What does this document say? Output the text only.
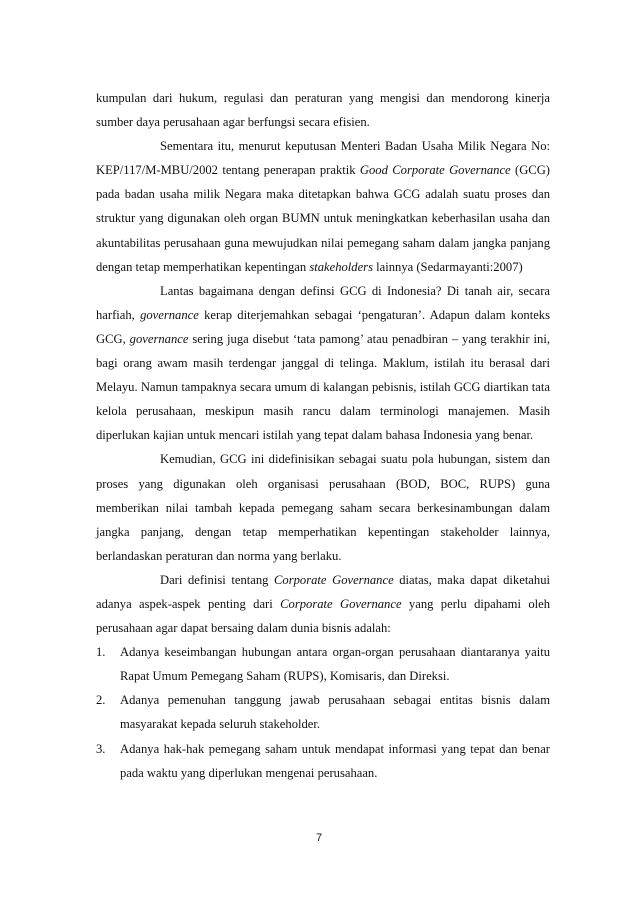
kumpulan dari hukum, regulasi dan peraturan yang mengisi dan mendorong kinerja sumber daya perusahaan agar berfungsi secara efisien.

Sementara itu, menurut keputusan Menteri Badan Usaha Milik Negara No: KEP/117/M-MBU/2002 tentang penerapan praktik Good Corporate Governance (GCG) pada badan usaha milik Negara maka ditetapkan bahwa GCG adalah suatu proses dan struktur yang digunakan oleh organ BUMN untuk meningkatkan keberhasilan usaha dan akuntabilitas perusahaan guna mewujudkan nilai pemegang saham dalam jangka panjang dengan tetap memperhatikan kepentingan stakeholders lainnya (Sedarmayanti:2007)

Lantas bagaimana dengan definsi GCG di Indonesia? Di tanah air, secara harfiah, governance kerap diterjemahkan sebagai ‘pengaturan’. Adapun dalam konteks GCG, governance sering juga disebut ‘tata pamong’ atau penadbiran – yang terakhir ini, bagi orang awam masih terdengar janggal di telinga. Maklum, istilah itu berasal dari Melayu. Namun tampaknya secara umum di kalangan pebisnis, istilah GCG diartikan tata kelola perusahaan, meskipun masih rancu dalam terminologi manajemen. Masih diperlukan kajian untuk mencari istilah yang tepat dalam bahasa Indonesia yang benar.

Kemudian, GCG ini didefinisikan sebagai suatu pola hubungan, sistem dan proses yang digunakan oleh organisasi perusahaan (BOD, BOC, RUPS) guna memberikan nilai tambah kepada pemegang saham secara berkesinambungan dalam jangka panjang, dengan tetap memperhatikan kepentingan stakeholder lainnya, berlandaskan peraturan dan norma yang berlaku.

Dari definisi tentang Corporate Governance diatas, maka dapat diketahui adanya aspek-aspek penting dari Corporate Governance yang perlu dipahami oleh perusahaan agar dapat bersaing dalam dunia bisnis adalah:

1. Adanya keseimbangan hubungan antara organ-organ perusahaan diantaranya yaitu Rapat Umum Pemegang Saham (RUPS), Komisaris, dan Direksi.
2. Adanya pemenuhan tanggung jawab perusahaan sebagai entitas bisnis dalam masyarakat kepada seluruh stakeholder.
3. Adanya hak-hak pemegang saham untuk mendapat informasi yang tepat dan benar pada waktu yang diperlukan mengenai perusahaan.
7
